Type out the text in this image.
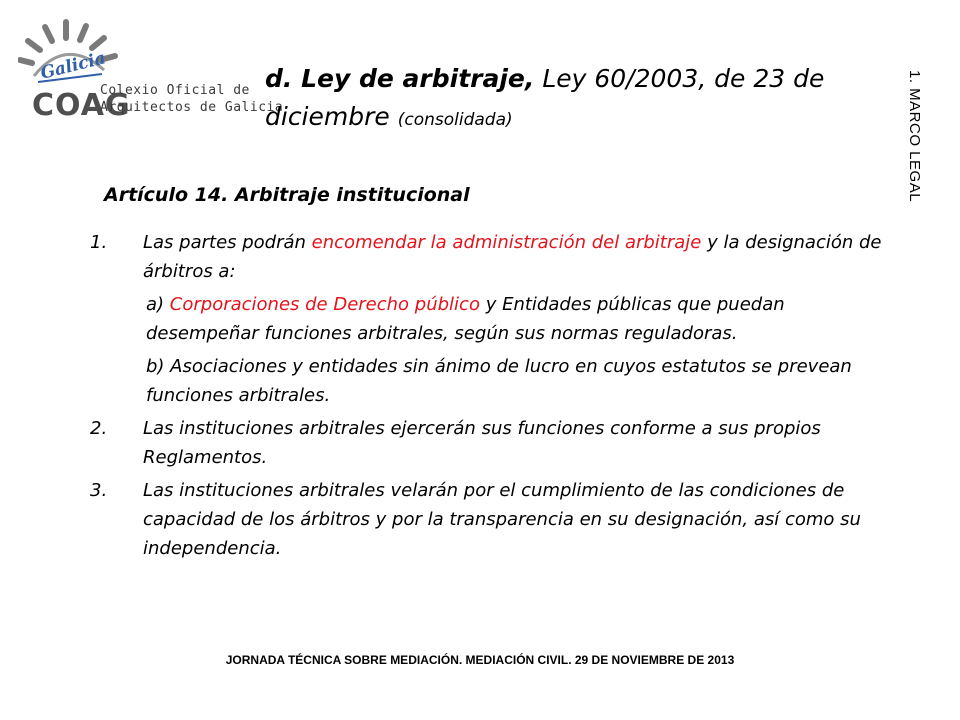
Galicia
COAG
Colexio Oficial de
Arquitectos de Galicia
d. Ley de arbitraje, Ley 60/2003, de 23 de diciembre (consolidada)	1. MARCO LEGAL
Artículo 14. Arbitraje institucional
1. Las partes podrán encomendar la administración del arbitraje y la designación de árbitros a:
a) Corporaciones de Derecho público y Entidades públicas que puedan desempeñar funciones arbitrales, según sus normas reguladoras.
b) Asociaciones y entidades sin ánimo de lucro en cuyos estatutos se prevean funciones arbitrales.
2. Las instituciones arbitrales ejercerán sus funciones conforme a sus propios Reglamentos.
3. Las instituciones arbitrales velarán por el cumplimiento de las condiciones de capacidad de los árbitros y por la transparencia en su designación, así como su independencia.
JORNADA TÉCNICA SOBRE MEDIACIÓN. MEDIACIÓN CIVIL. 29 DE NOVIEMBRE DE 2013
